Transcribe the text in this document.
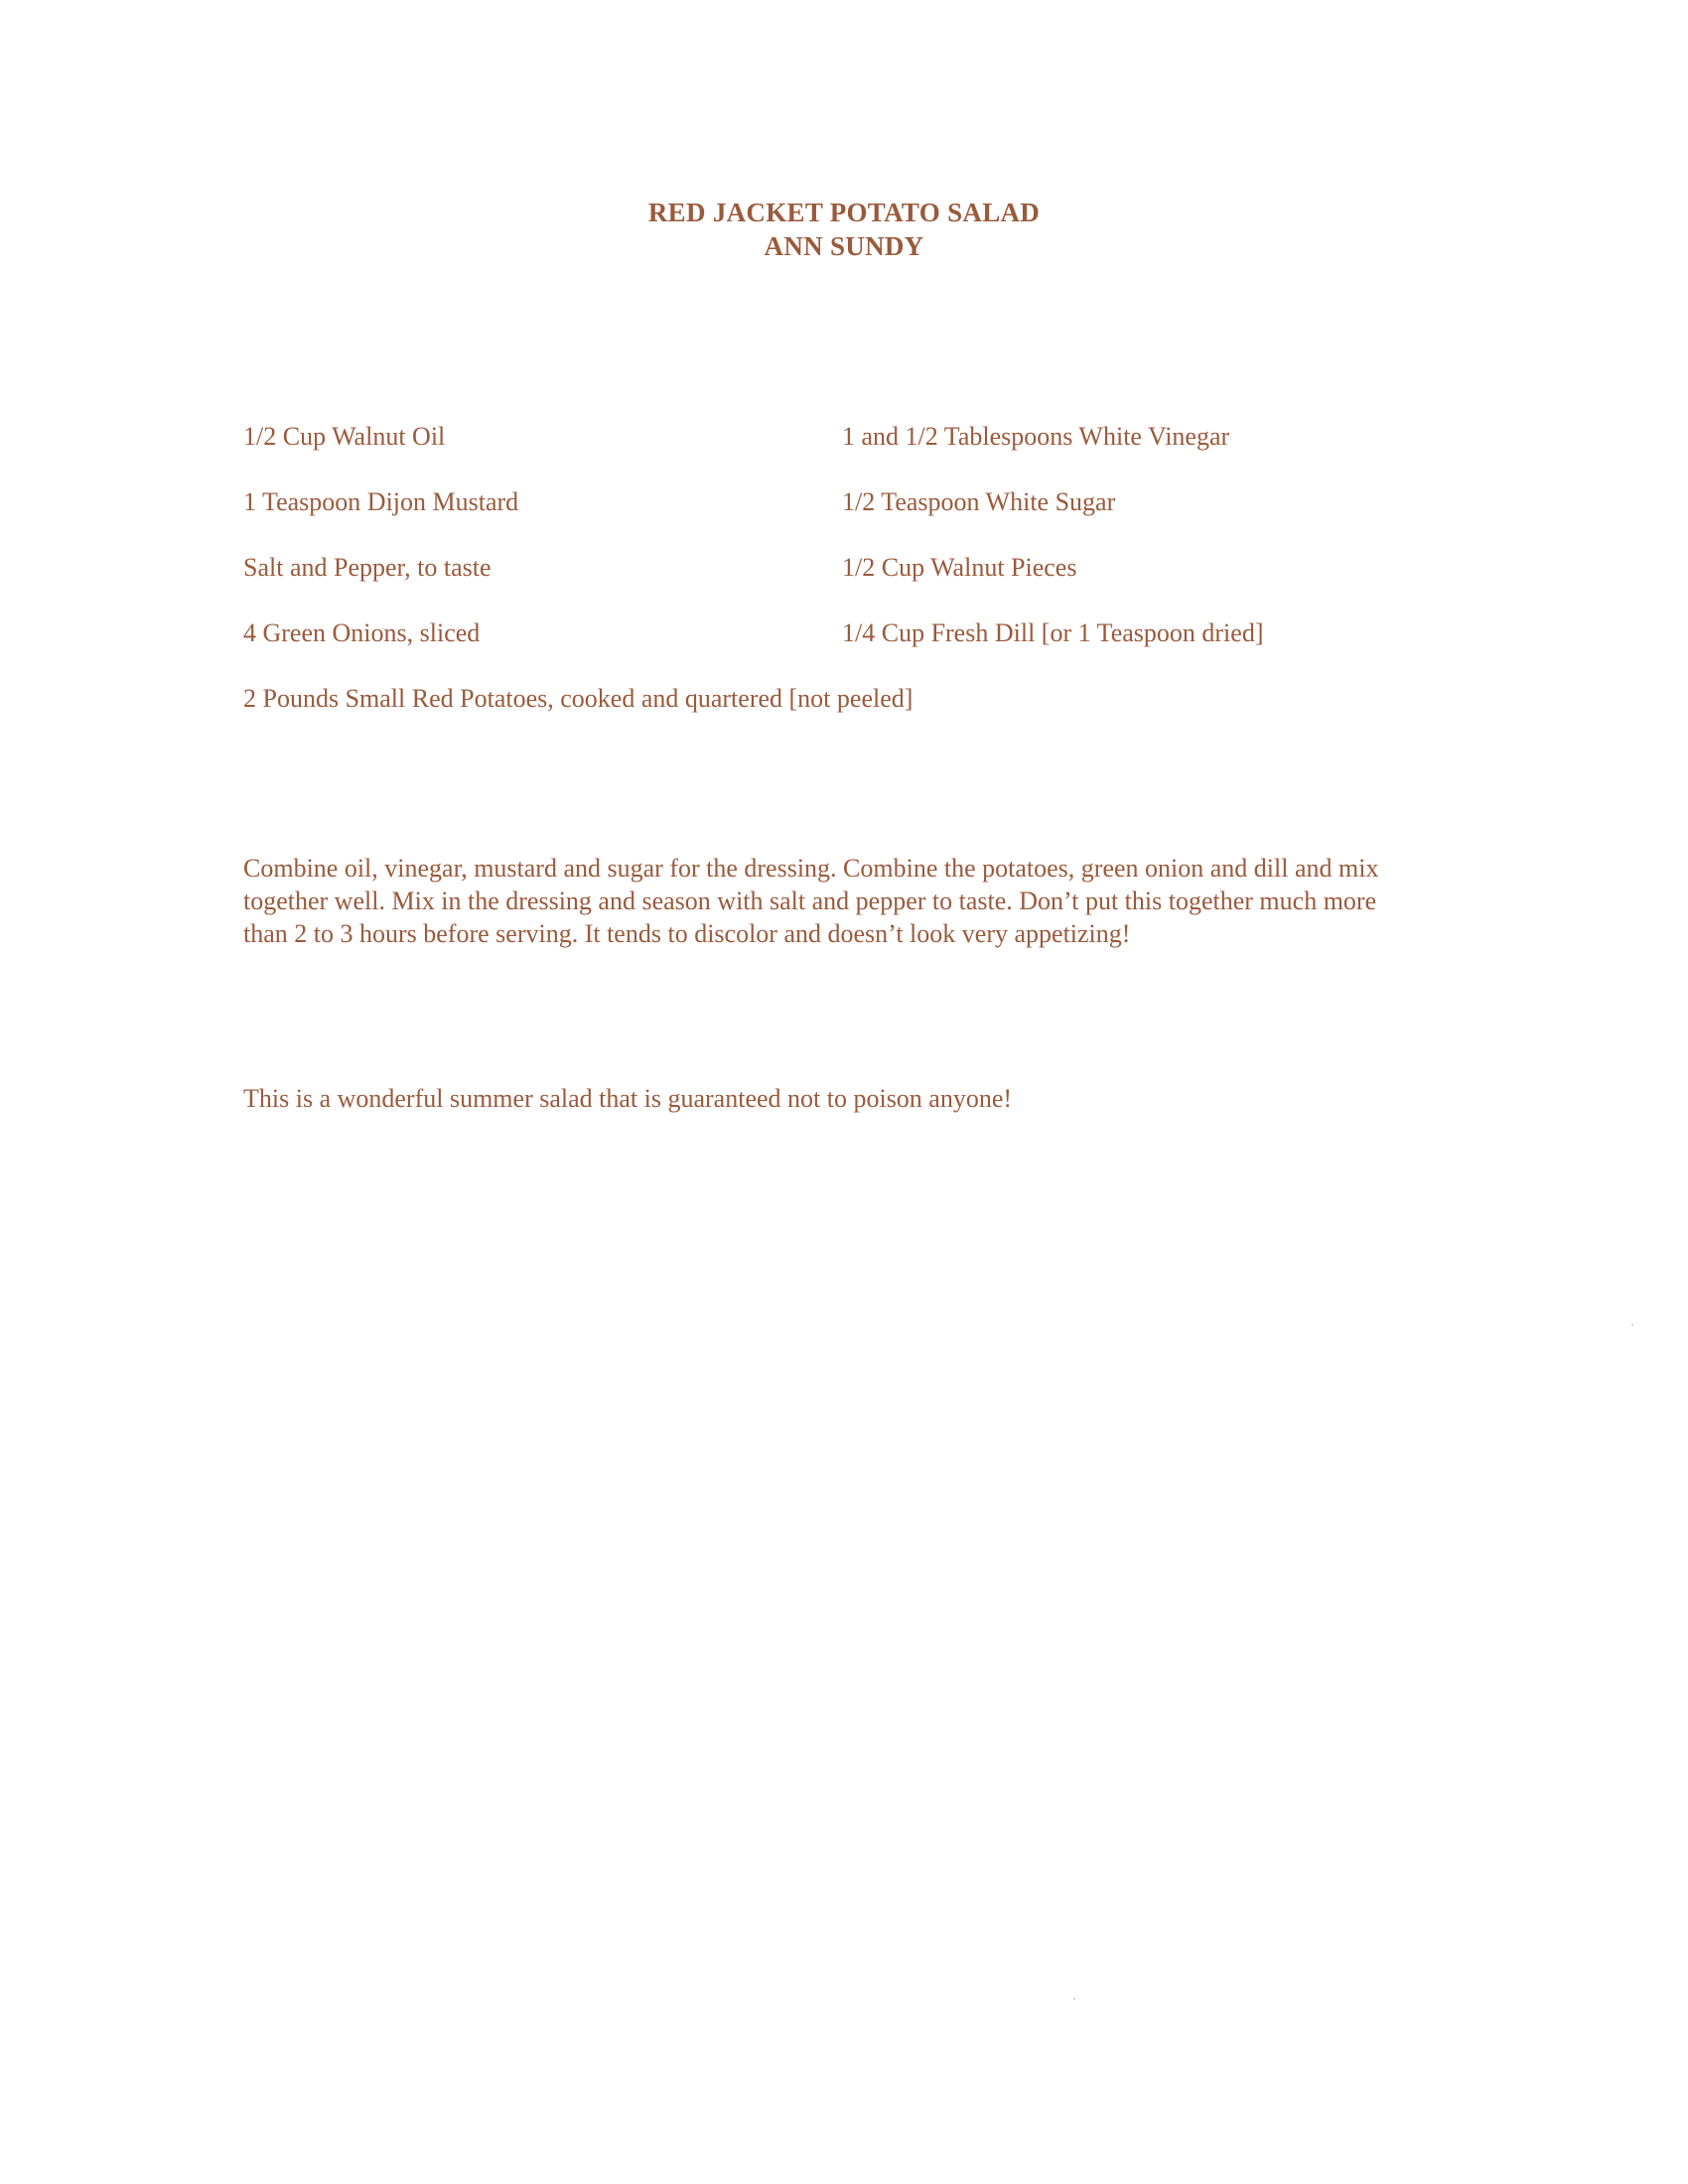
RED JACKET POTATO SALAD
ANN SUNDY
1/2 Cup Walnut Oil	1 and 1/2 Tablespoons White Vinegar
1 Teaspoon Dijon Mustard	1/2 Teaspoon White Sugar
Salt and Pepper, to taste	1/2 Cup Walnut Pieces
4 Green Onions, sliced	1/4 Cup Fresh Dill [or 1 Teaspoon dried]
2 Pounds Small Red Potatoes, cooked and quartered [not peeled]

Combine oil, vinegar, mustard and sugar for the dressing. Combine the potatoes, green onion and dill and mix together well. Mix in the dressing and season with salt and pepper to taste. Don’t put this together much more than 2 to 3 hours before serving. It tends to discolor and doesn’t look very appetizing!

This is a wonderful summer salad that is guaranteed not to poison anyone!
